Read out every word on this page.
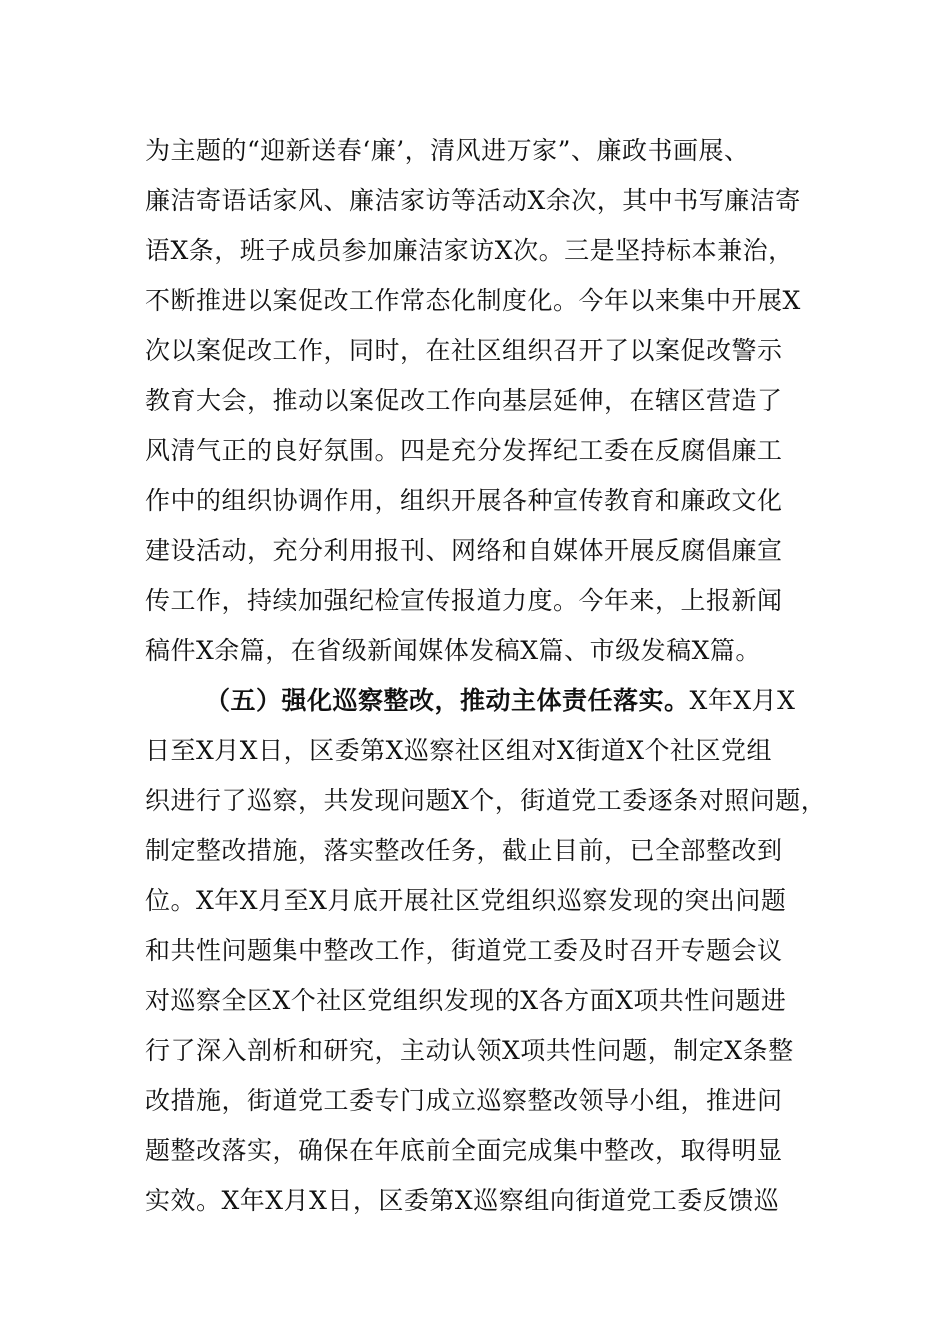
为主题的“迎新送春‘廉’，清风进万家”、廉政书画展、
廉洁寄语话家风、廉洁家访等活动X余次，其中书写廉洁寄
语X条，班子成员参加廉洁家访X次。三是坚持标本兼治，
不断推进以案促改工作常态化制度化。今年以来集中开展X
次以案促改工作，同时，在社区组织召开了以案促改警示
教育大会，推动以案促改工作向基层延伸，在辖区营造了
风清气正的良好氛围。四是充分发挥纪工委在反腐倡廉工
作中的组织协调作用，组织开展各种宣传教育和廉政文化
建设活动，充分利用报刊、网络和自媒体开展反腐倡廉宣
传工作，持续加强纪检宣传报道力度。今年来，上报新闻
稿件X余篇，在省级新闻媒体发稿X篇、市级发稿X篇。
（五）强化巡察整改，推动主体责任落实。X年X月X
日至X月X日，区委第X巡察社区组对X街道X个社区党组
织进行了巡察，共发现问题X个，街道党工委逐条对照问题，
制定整改措施，落实整改任务，截止目前，已全部整改到
位。X年X月至X月底开展社区党组织巡察发现的突出问题
和共性问题集中整改工作，街道党工委及时召开专题会议
对巡察全区X个社区党组织发现的X各方面X项共性问题进
行了深入剖析和研究，主动认领X项共性问题，制定X条整
改措施，街道党工委专门成立巡察整改领导小组，推进问
题整改落实，确保在年底前全面完成集中整改，取得明显
实效。X年X月X日，区委第X巡察组向街道党工委反馈巡
